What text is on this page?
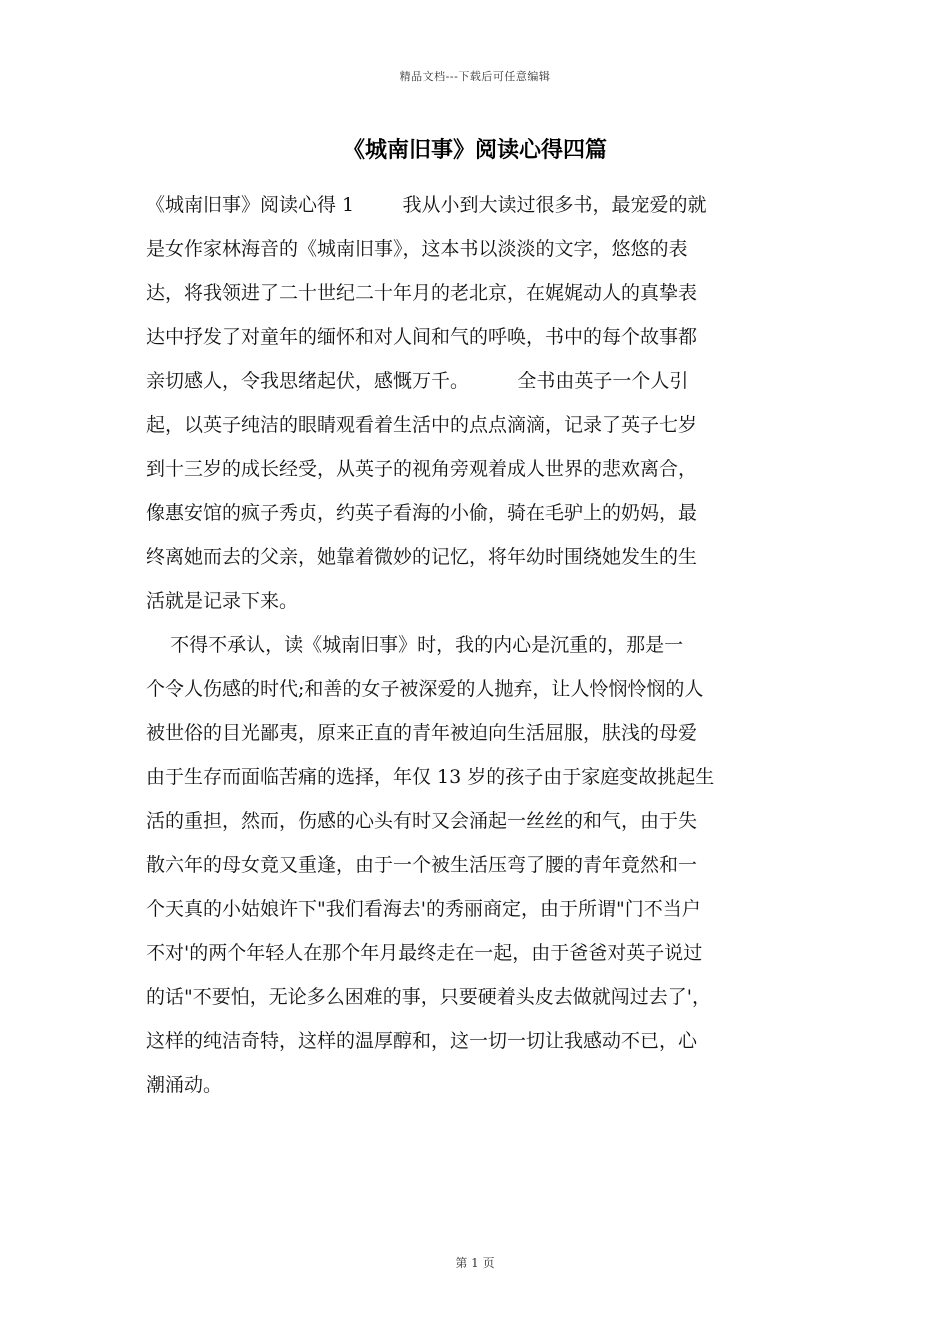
精品文档---下载后可任意编辑
《城南旧事》阅读心得四篇
《城南旧事》阅读心得 1        我从小到大读过很多书，最宠爱的就
是女作家林海音的《城南旧事》，这本书以淡淡的文字，悠悠的表
达，将我领进了二十世纪二十年月的老北京，在娓娓动人的真挚表
达中抒发了对童年的缅怀和对人间和气的呼唤，书中的每个故事都
亲切感人，令我思绪起伏，感慨万千。        全书由英子一个人引
起，以英子纯洁的眼睛观看着生活中的点点滴滴，记录了英子七岁
到十三岁的成长经受，从英子的视角旁观着成人世界的悲欢离合，
像惠安馆的疯子秀贞，约英子看海的小偷，骑在毛驴上的奶妈，最
终离她而去的父亲，她靠着微妙的记忆，将年幼时围绕她发生的生
活就是记录下来。
不得不承认，读《城南旧事》时，我的内心是沉重的，那是一
个令人伤感的时代;和善的女子被深爱的人抛弃，让人怜悯怜悯的人
被世俗的目光鄙夷，原来正直的青年被迫向生活屈服，肤浅的母爱
由于生存而面临苦痛的选择，年仅 13 岁的孩子由于家庭变故挑起生
活的重担，然而，伤感的心头有时又会涌起一丝丝的和气，由于失
散六年的母女竟又重逢，由于一个被生活压弯了腰的青年竟然和一
个天真的小姑娘许下"我们看海去'的秀丽商定，由于所谓"门不当户
不对'的两个年轻人在那个年月最终走在一起，由于爸爸对英子说过
的话"不要怕，无论多么困难的事，只要硬着头皮去做就闯过去了'，
这样的纯洁奇特，这样的温厚醇和，这一切一切让我感动不已，心
潮涌动。
第 1 页
